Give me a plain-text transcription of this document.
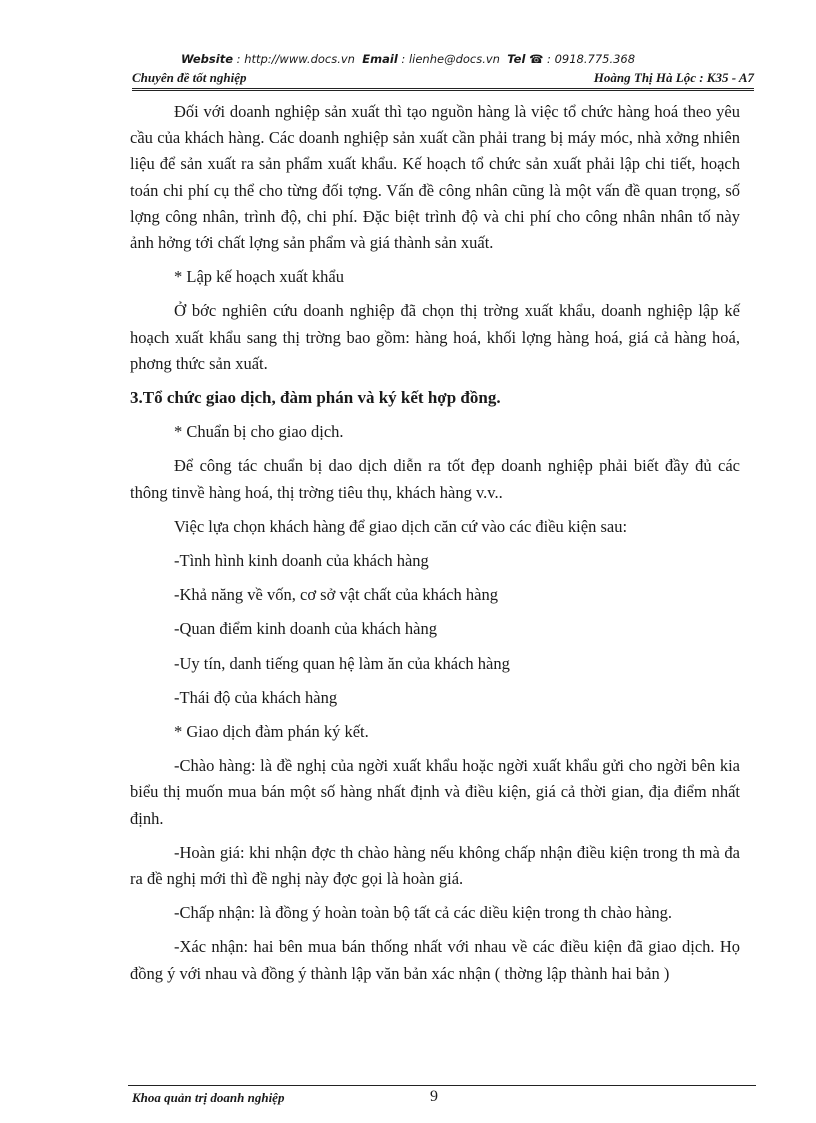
Website : http://www.docs.vn Email : lienhe@docs.vn Tel ☎ : 0918.775.368
Chuyên đề tốt nghiệp	Hoàng Thị Hà Lộc : K35 - A7

Đối với doanh nghiệp sản xuất thì tạo nguồn hàng là việc tổ chức hàng hoá theo yêu cầu của khách hàng. Các doanh nghiệp sản xuất cần phải trang bị máy móc, nhà xởng nhiên liệu để sản xuất ra sản phẩm xuất khẩu. Kế hoạch tổ chức sản xuất phải lập chi tiết, hoạch toán chi phí cụ thể cho từng đối tợng. Vấn đề công nhân cũng là một vấn đề quan trọng, số lợng công nhân, trình độ, chi phí. Đặc biệt trình độ và chi phí cho công nhân nhân tố này ảnh hởng tới chất lợng sản phẩm và giá thành sản xuất.

* Lập kế hoạch xuất khẩu

Ở bớc nghiên cứu doanh nghiệp đã chọn thị trờng xuất khẩu, doanh nghiệp lập kế hoạch xuất khẩu sang thị trờng bao gồm: hàng hoá, khối lợng hàng hoá, giá cả hàng hoá, phơng thức sản xuất.

3.Tổ chức giao dịch, đàm phán và ký kết hợp đồng.

* Chuẩn bị cho giao dịch.

Để công tác chuẩn bị dao dịch diễn ra tốt đẹp doanh nghiệp phải biết đầy đủ các thông tinvề hàng hoá, thị trờng tiêu thụ, khách hàng v.v..

Việc lựa chọn khách hàng để giao dịch căn cứ vào các điều kiện sau:

-Tình hình kinh doanh của khách hàng

-Khả năng về vốn, cơ sở vật chất của khách hàng

-Quan điểm kinh doanh của khách hàng

-Uy tín, danh tiếng quan hệ làm ăn của khách hàng

-Thái độ của khách hàng

* Giao dịch đàm phán ký kết.

-Chào hàng: là đề nghị của ngời xuất khẩu hoặc ngời xuất khẩu gửi cho ngời bên kia biểu thị muốn mua bán một số hàng nhất định và điều kiện, giá cả thời gian, địa điểm nhất định.

-Hoàn giá: khi nhận đợc th chào hàng nếu không chấp nhận điều kiện trong th mà đa ra đề nghị mới thì đề nghị này đợc gọi là hoàn giá.

-Chấp nhận: là đồng ý hoàn toàn bộ tất cả các diều kiện trong th chào hàng.

-Xác nhận: hai bên mua bán thống nhất với nhau về các điều kiện đã giao dịch. Họ đồng ý với nhau và đồng ý thành lập văn bản xác nhận ( thờng lập thành hai bản )

Khoa quản trị doanh nghiệp	9
